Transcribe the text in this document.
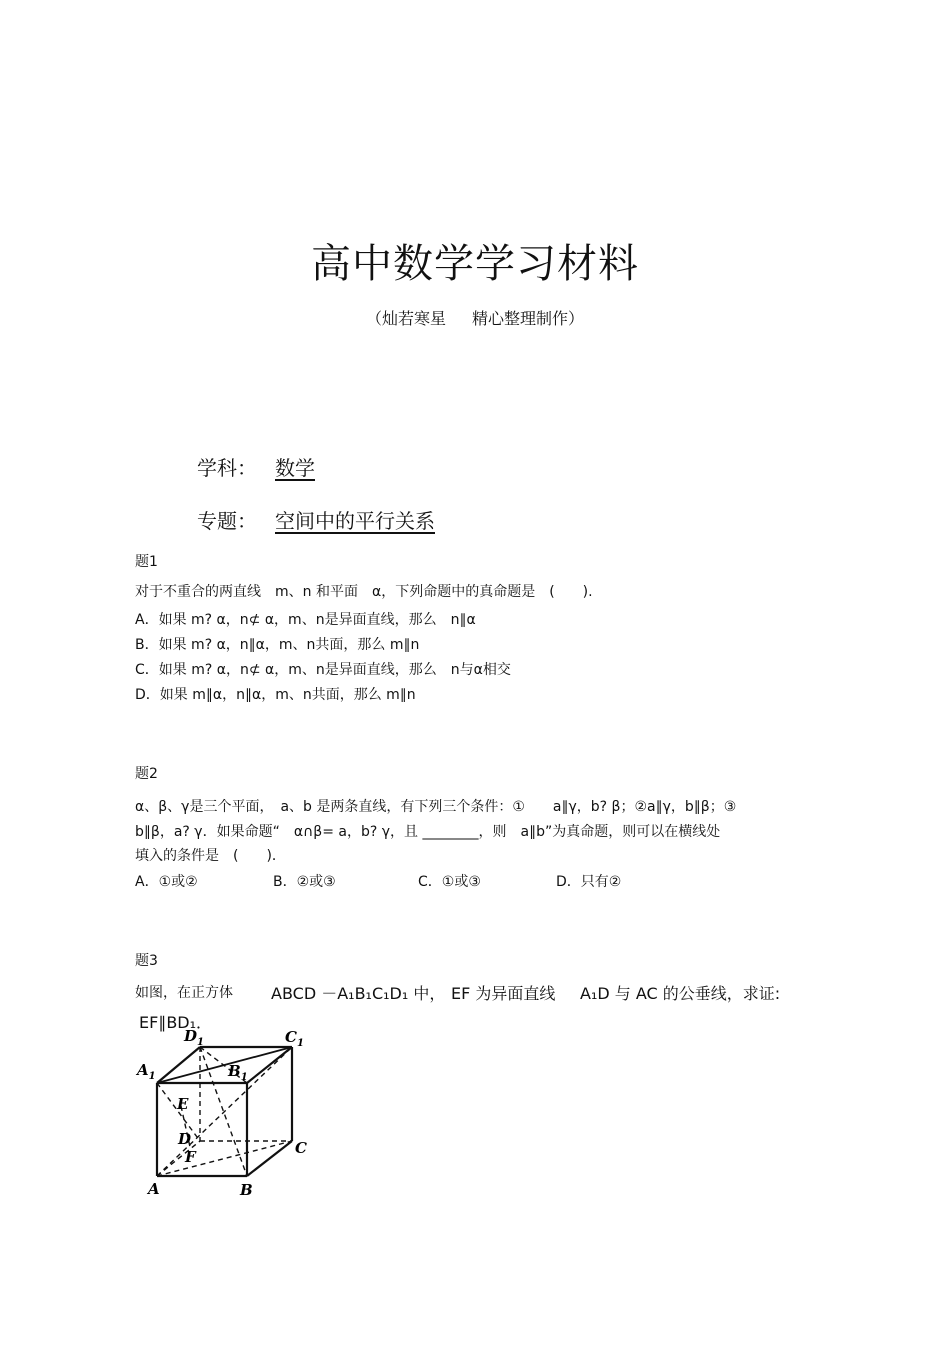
高中数学学习材料
（灿若寒星 精心整理制作）
学科： 数学
专题： 空间中的平行关系
题1
对于不重合的两直线　m、n 和平面　α，下列命题中的真命题是　(　　).
A．如果 m? α，n⊄ α，m、n是异面直线，那么　n∥α
B．如果 m? α，n∥α，m、n共面，那么 m∥n
C．如果 m? α，n⊄ α，m、n是异面直线，那么　n与α相交
D．如果 m∥α，n∥α，m、n共面，那么 m∥n
题2
α、β、γ是三个平面，　a、b 是两条直线，有下列三个条件：①　　a∥γ，b? β；②a∥γ，b∥β；③
b∥β，a? γ．如果命题“　α∩β= a，b? γ，且 ________，则　a∥b”为真命题，则可以在横线处
填入的条件是　(　　)．
A．①或②	B．②或③	C．①或③	D．只有②
题3
如图，在正方体 ABCD －A₁B₁C₁D₁ 中， EF 为异面直线 A₁D 与 AC 的公垂线，求证:
EF∥BD₁．
$A_1$
$D_1$	$C_1$
$B_1$
E
D
F	C
A	B
